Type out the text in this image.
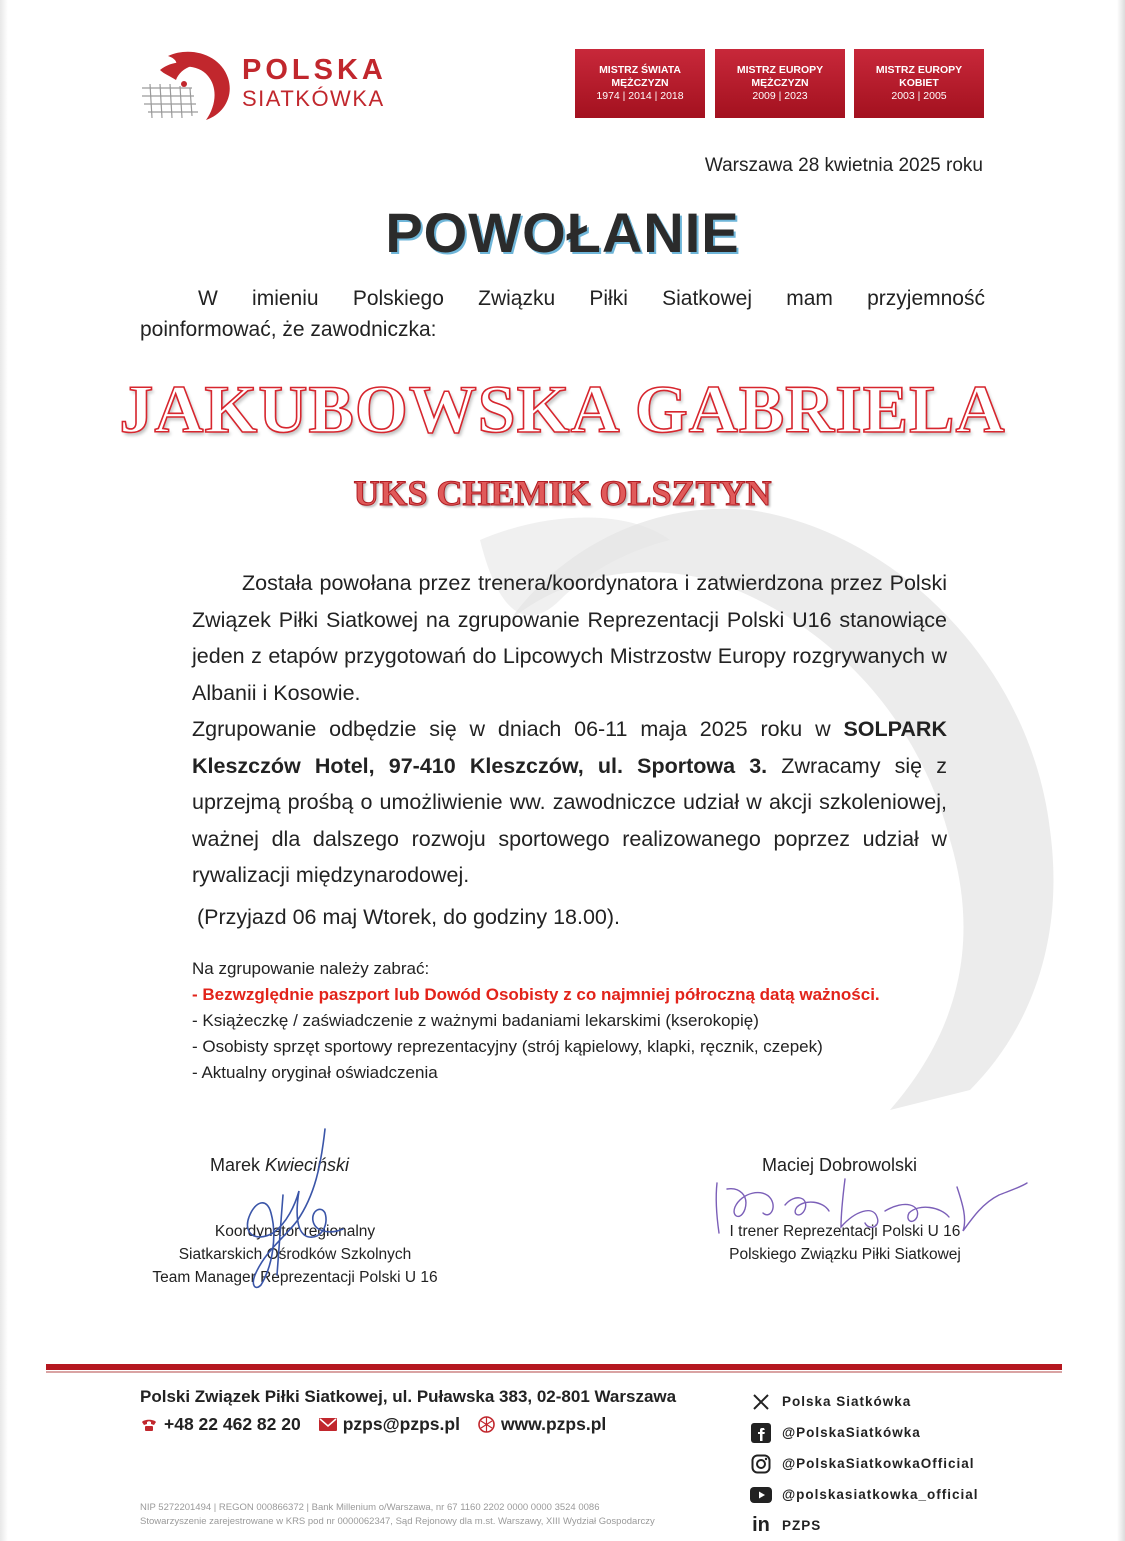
POLSKA
SIATKÓWKA
MISTRZ ŚWIATA
MĘŻCZYZN
1974 | 2014 | 2018
MISTRZ EUROPY
MĘŻCZYZN
2009 | 2023
MISTRZ EUROPY
KOBIET
2003 | 2005
Warszawa 28 kwietnia 2025 roku
POWOŁANIE
W imieniu Polskiego Związku Piłki Siatkowej mam przyjemność
poinformować, że zawodniczka:
JAKUBOWSKA GABRIELA
UKS CHEMIK OLSZTYN

Została powołana przez trenera/koordynatora i zatwierdzona przez Polski Związek Piłki Siatkowej na zgrupowanie Reprezentacji Polski U16 stanowiące jeden z etapów przygotowań do Lipcowych Mistrzostw Europy rozgrywanych w Albanii i Kosowie.

Zgrupowanie odbędzie się w dniach 06-11 maja 2025 roku w SOLPARK Kleszczów Hotel, 97-410 Kleszczów, ul. Sportowa 3. Zwracamy się z uprzejmą prośbą o umożliwienie ww. zawodniczce udział w akcji szkoleniowej, ważnej dla dalszego rozwoju sportowego realizowanego poprzez udział w rywalizacji międzynarodowej.

(Przyjazd 06 maj Wtorek, do godziny 18.00).
Na zgrupowanie należy zabrać:
- Bezwzględnie paszport lub Dowód Osobisty z co najmniej półroczną datą ważności.
- Książeczkę / zaświadczenie z ważnymi badaniami lekarskimi (kserokopię)
- Osobisty sprzęt sportowy reprezentacyjny (strój kąpielowy, klapki, ręcznik, czepek)
- Aktualny oryginał oświadczenia
Marek Kwieciński
Koordynator regionalny
Siatkarskich Ośrodków Szkolnych
Team Manager Reprezentacji Polski U 16
Maciej Dobrowolski
I trener Reprezentacji Polski U 16
Polskiego Związku Piłki Siatkowej
Polski Związek Piłki Siatkowej, ul. Puławska 383, 02-801 Warszawa
+48 22 462 82 20 pzps@pzps.pl www.pzps.pl
NIP 5272201494 | REGON 000866372 | Bank Millenium o/Warszawa, nr 67 1160 2202 0000 0000 3524 0086
Stowarzyszenie zarejestrowane w KRS pod nr 0000062347, Sąd Rejonowy dla m.st. Warszawy, XIII Wydział Gospodarczy
Polska Siatkówka
@PolskaSiatkówka
@PolskaSiatkowkaOfficial
@polskasiatkowka_official
in PZPS
